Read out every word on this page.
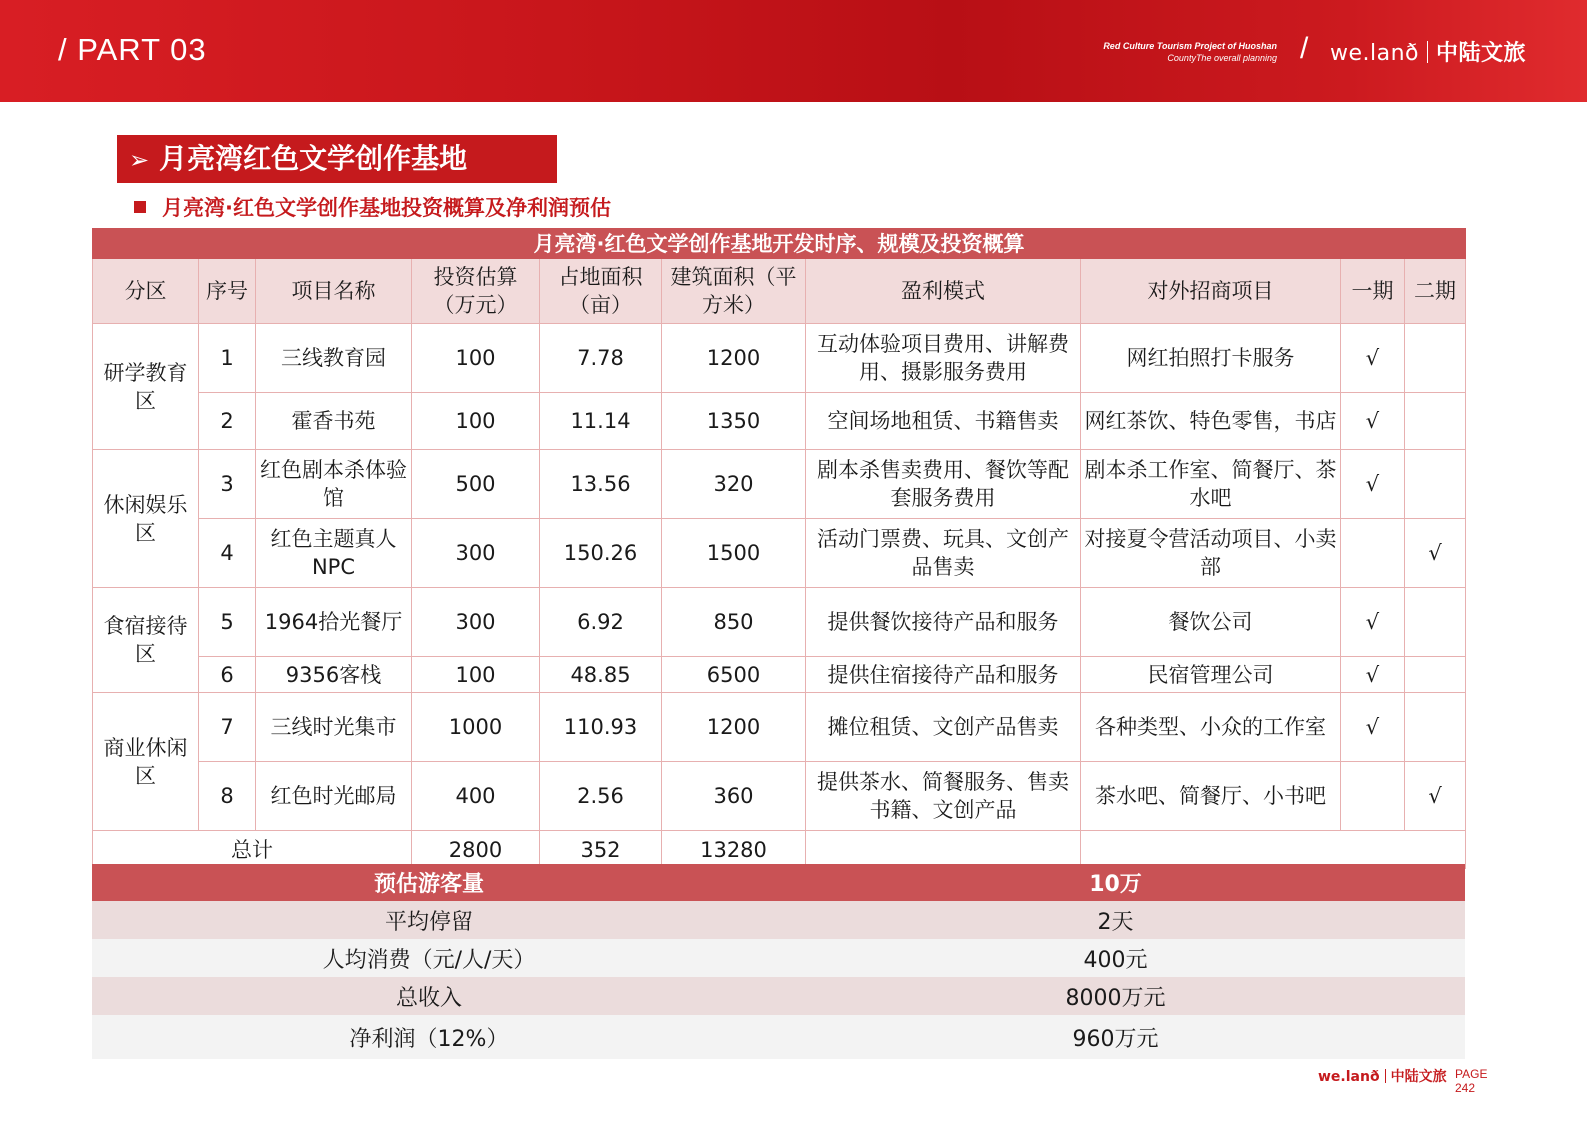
/ PART 03	Red Culture Tourism Project of Huoshan
CountyThe overall planning / we.lanð 中陆文旅
➢ 月亮湾红色文学创作基地
月亮湾·红色文学创作基地投资概算及净利润预估
月亮湾·红色文学创作基地开发时序、规模及投资概算									
分区	序号	项目名称	投资估算（万元）	占地面积（亩）	建筑面积（平方米）	盈利模式	对外招商项目	一期	二期
研学教育区	1	三线教育园	100	7.78	1200	互动体验项目费用、讲解费用、摄影服务费用	网红拍照打卡服务	√	
	2	霍香书苑	100	11.14	1350	空间场地租赁、书籍售卖	网红茶饮、特色零售，书店	√	
休闲娱乐区	3	红色剧本杀体验馆	500	13.56	320	剧本杀售卖费用、餐饮等配套服务费用	剧本杀工作室、简餐厅、茶水吧	√	
	4	红色主题真人NPC	300	150.26	1500	活动门票费、玩具、文创产品售卖	对接夏令营活动项目、小卖部		√
食宿接待区	5	1964拾光餐厅	300	6.92	850	提供餐饮接待产品和服务	餐饮公司	√	
	6	9356客栈	100	48.85	6500	提供住宿接待产品和服务	民宿管理公司	√	
商业休闲区	7	三线时光集市	1000	110.93	1200	摊位租赁、文创产品售卖	各种类型、小众的工作室	√	
	8	红色时光邮局	400	2.56	360	提供茶水、简餐服务、售卖书籍、文创产品	茶水吧、简餐厅、小书吧		√
总计			2800	352	13280				
预估游客量	10万
平均停留	2天
人均消费（元/人/天）	400元
总收入	8000万元
净利润（12%）	960万元
we.lanð 中陆文旅 PAGE
242
